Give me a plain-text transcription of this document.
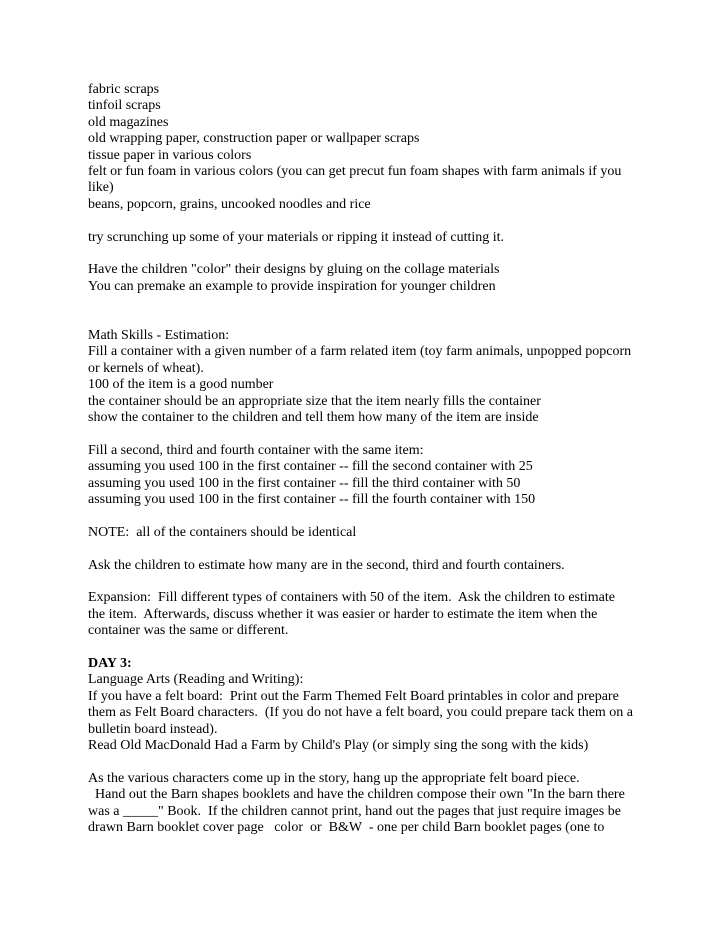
fabric scraps
tinfoil scraps
old magazines
old wrapping paper, construction paper or wallpaper scraps
tissue paper in various colors
felt or fun foam in various colors (you can get precut fun foam shapes with farm animals if you
like)
beans, popcorn, grains, uncooked noodles and rice
try scrunching up some of your materials or ripping it instead of cutting it.
Have the children "color" their designs by gluing on the collage materials
You can premake an example to provide inspiration for younger children
Math Skills - Estimation:
Fill a container with a given number of a farm related item (toy farm animals, unpopped popcorn
or kernels of wheat).
100 of the item is a good number
the container should be an appropriate size that the item nearly fills the container
show the container to the children and tell them how many of the item are inside
Fill a second, third and fourth container with the same item:
assuming you used 100 in the first container -- fill the second container with 25
assuming you used 100 in the first container -- fill the third container with 50
assuming you used 100 in the first container -- fill the fourth container with 150
NOTE:  all of the containers should be identical
Ask the children to estimate how many are in the second, third and fourth containers.
Expansion:  Fill different types of containers with 50 of the item.  Ask the children to estimate
the item.  Afterwards, discuss whether it was easier or harder to estimate the item when the
container was the same or different.
DAY 3:
Language Arts (Reading and Writing):
If you have a felt board:  Print out the Farm Themed Felt Board printables in color and prepare
them as Felt Board characters.  (If you do not have a felt board, you could prepare tack them on a
bulletin board instead).
Read Old MacDonald Had a Farm by Child's Play (or simply sing the song with the kids)
As the various characters come up in the story, hang up the appropriate felt board piece.
Hand out the Barn shapes booklets and have the children compose their own "In the barn there
was a _____" Book.  If the children cannot print, hand out the pages that just require images be
drawn Barn booklet cover page   color  or  B&W  - one per child Barn booklet pages (one to
